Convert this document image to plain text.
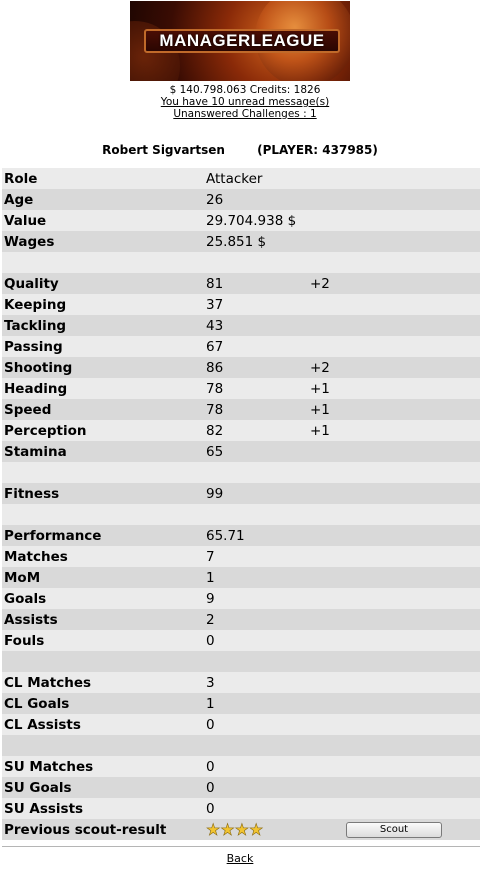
MANAGERLEAGUE
$ 140.798.063 Credits: 1826
You have 10 unread message(s)
Unanswered Challenges : 1
Robert Sigvartsen	(PLAYER: 437985)
Role	Attacker
Age	26
Value	29.704.938 $
Wages	25.851 $
Quality	81	+2
Keeping	37
Tackling	43
Passing	67
Shooting	86	+2
Heading	78	+1
Speed	78	+1
Perception	82	+1
Stamina	65
Fitness	99
Performance	65.71
Matches	7
MoM	1
Goals	9
Assists	2
Fouls	0
CL Matches	3
CL Goals	1
CL Assists	0
SU Matches	0
SU Goals	0
SU Assists	0
Previous scout-result	★ ★ ★ ★	Scout
Back
